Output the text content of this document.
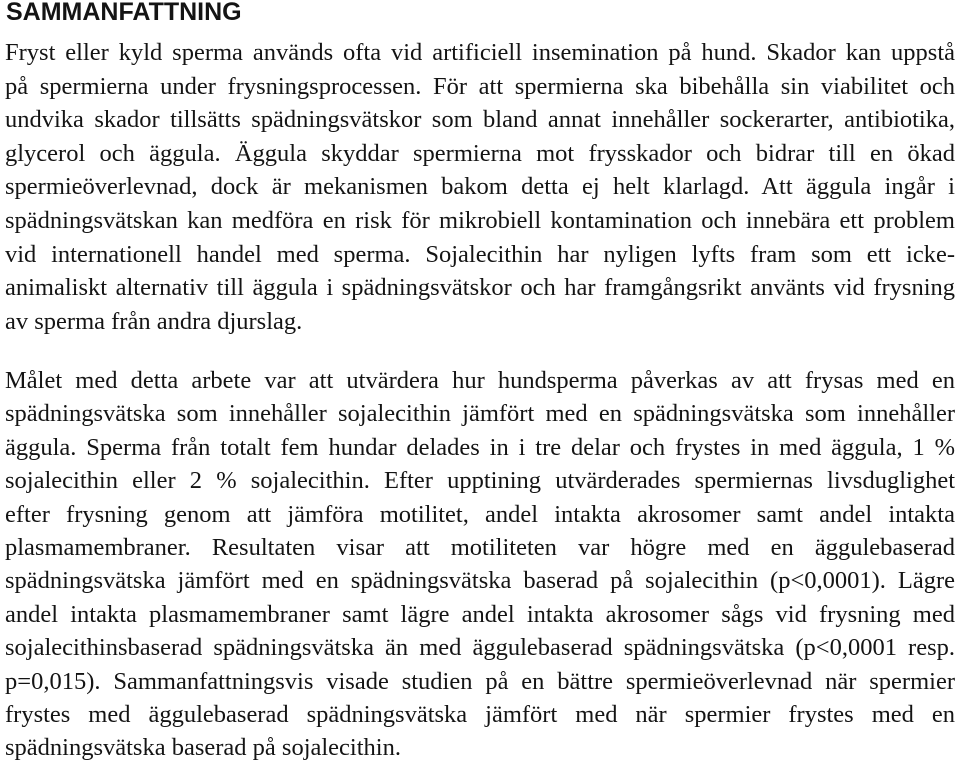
SAMMANFATTNING
Fryst eller kyld sperma används ofta vid artificiell insemination på hund. Skador kan uppstå
på spermierna under frysningsprocessen. För att spermierna ska bibehålla sin viabilitet och
undvika skador tillsätts spädningsvätskor som bland annat innehåller sockerarter, antibiotika,
glycerol och äggula. Äggula skyddar spermierna mot frysskador och bidrar till en ökad
spermieöverlevnad, dock är mekanismen bakom detta ej helt klarlagd. Att äggula ingår i
spädningsvätskan kan medföra en risk för mikrobiell kontamination och innebära ett problem
vid internationell handel med sperma. Sojalecithin har nyligen lyfts fram som ett icke-
animaliskt alternativ till äggula i spädningsvätskor och har framgångsrikt använts vid frysning
av sperma från andra djurslag.
Målet med detta arbete var att utvärdera hur hundsperma påverkas av att frysas med en
spädningsvätska som innehåller sojalecithin jämfört med en spädningsvätska som innehåller
äggula. Sperma från totalt fem hundar delades in i tre delar och frystes in med äggula, 1 %
sojalecithin eller 2 % sojalecithin. Efter upptining utvärderades spermiernas livsduglighet
efter frysning genom att jämföra motilitet, andel intakta akrosomer samt andel intakta
plasmamembraner. Resultaten visar att motiliteten var högre med en äggulebaserad
spädningsvätska jämfört med en spädningsvätska baserad på sojalecithin (p<0,0001). Lägre
andel intakta plasmamembraner samt lägre andel intakta akrosomer sågs vid frysning med
sojalecithinsbaserad spädningsvätska än med äggulebaserad spädningsvätska (p<0,0001 resp.
p=0,015). Sammanfattningsvis visade studien på en bättre spermieöverlevnad när spermier
frystes med äggulebaserad spädningsvätska jämfört med när spermier frystes med en
spädningsvätska baserad på sojalecithin.
